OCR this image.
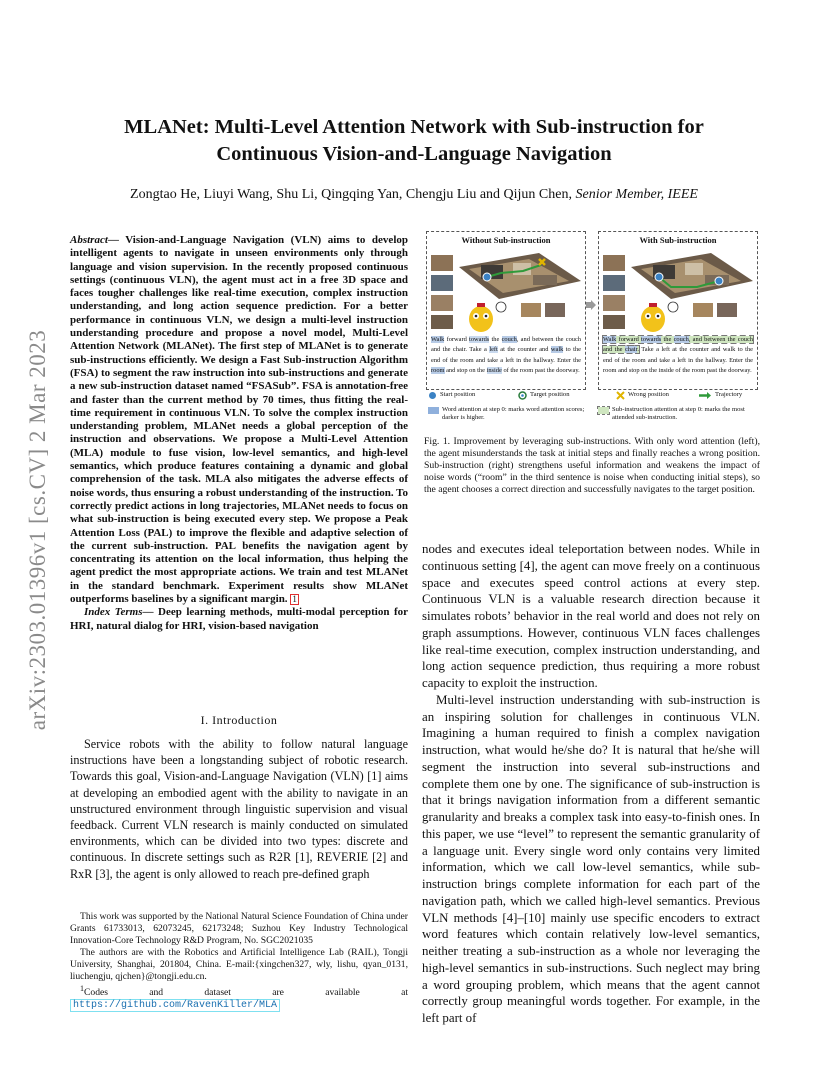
arXiv:2303.01396v1 [cs.CV] 2 Mar 2023
MLANet: Multi-Level Attention Network with Sub-instruction for
Continuous Vision-and-Language Navigation
Zongtao He, Liuyi Wang, Shu Li, Qingqing Yan, Chengju Liu and Qijun Chen, Senior Member, IEEE
Abstract— Vision-and-Language Navigation (VLN) aims to develop intelligent agents to navigate in unseen environments only through language and vision supervision. In the recently proposed continuous settings (continuous VLN), the agent must act in a free 3D space and faces tougher challenges like real-time execution, complex instruction understanding, and long action sequence prediction. For a better performance in continuous VLN, we design a multi-level instruction understanding procedure and propose a novel model, Multi-Level Attention Network (MLANet). The first step of MLANet is to generate sub-instructions efficiently. We design a Fast Sub-instruction Algorithm (FSA) to segment the raw instruction into sub-instructions and generate a new sub-instruction dataset named “FSASub”. FSA is annotation-free and faster than the current method by 70 times, thus fitting the real-time requirement in continuous VLN. To solve the complex instruction understanding problem, MLANet needs a global perception of the instruction and observations. We propose a Multi-Level Attention (MLA) module to fuse vision, low-level semantics, and high-level semantics, which produce features containing a dynamic and global comprehension of the task. MLA also mitigates the adverse effects of noise words, thus ensuring a robust understanding of the instruction. To correctly predict actions in long trajectories, MLANet needs to focus on what sub-instruction is being executed every step. We propose a Peak Attention Loss (PAL) to improve the flexible and adaptive selection of the current sub-instruction. PAL benefits the navigation agent by concentrating its attention on the local information, thus helping the agent predict the most appropriate actions. We train and test MLANet in the standard benchmark. Experiment results show MLANet outperforms baselines by a significant margin. 1
Index Terms— Deep learning methods, multi-modal perception for HRI, natural dialog for HRI, vision-based navigation
I. Introduction

Service robots with the ability to follow natural language instructions have been a longstanding subject of robotic research. Towards this goal, Vision-and-Language Navigation (VLN) [1] aims at developing an embodied agent with the ability to navigate in an unstructured environment through linguistic supervision and visual feedback. Current VLN research is mainly conducted on simulated environments, which can be divided into two types: discrete and continuous. In discrete settings such as R2R [1], REVERIE [2] and RxR [3], the agent is only allowed to reach pre-defined graph

This work was supported by the National Natural Science Foundation of China under Grants 61733013, 62073245, 62173248; Suzhou Key Industry Technological Innovation-Core Technology R&D Program, No. SGC2021035

The authors are with the Robotics and Artificial Intelligence Lab (RAIL), Tongji University, Shanghai, 201804, China. E-mail:{xingchen327, wly, lishu, qyan_0131, liuchengju, qjchen}@tongji.edu.cn.

$^1$Codes and dataset are available at https://github.com/RavenKiller/MLA

Without Sub-instruction
Walk forward towards the couch, and between the couch and the chair. Take a left at the counter and walk to the end of the room and take a left in the hallway. Enter the room and stop on the inside of the room past the doorway.
With Sub-instruction
Walk forward towards the couch, and between the couch and the chair. Take a left at the counter and walk to the end of the room and take a left in the hallway. Enter the room and stop on the inside of the room past the doorway.
Start position	Target position	Wrong position	Trajectory
Word attention at step 0: marks word attention scores; darker is higher.
Sub-instruction attention at step 0: marks the most attended sub-instruction.
Fig. 1. Improvement by leveraging sub-instructions. With only word attention (left), the agent misunderstands the task at initial steps and finally reaches a wrong position. Sub-instruction (right) strengthens useful information and weakens the impact of noise words (“room” in the third sentence is noise when conducting initial steps), so the agent chooses a correct direction and successfully navigates to the target position.

nodes and executes ideal teleportation between nodes. While in continuous setting [4], the agent can move freely on a continuous space and executes speed control actions at every step. Continuous VLN is a valuable research direction because it simulates robots’ behavior in the real world and does not rely on graph assumptions. However, continuous VLN faces challenges like real-time execution, complex instruction understanding, and long action sequence prediction, thus requiring a more robust capacity to exploit the instruction.

Multi-level instruction understanding with sub-instruction is an inspiring solution for challenges in continuous VLN. Imagining a human required to finish a complex navigation instruction, what would he/she do? It is natural that he/she will segment the instruction into several sub-instructions and complete them one by one. The significance of sub-instruction is that it brings navigation information from a different semantic granularity and breaks a complex task into easy-to-finish ones. In this paper, we use “level” to represent the semantic granularity of a language unit. Every single word only contains very limited information, which we call low-level semantics, while sub-instruction brings complete information for each part of the navigation path, which we called high-level semantics. Previous VLN methods [4]–[10] mainly use specific encoders to extract word features which contain relatively low-level semantics, neither treating a sub-instruction as a whole nor leveraging the high-level semantics in sub-instructions. Such neglect may bring a word grouping problem, which means that the agent cannot correctly group meaningful words together. For example, in the left part of
